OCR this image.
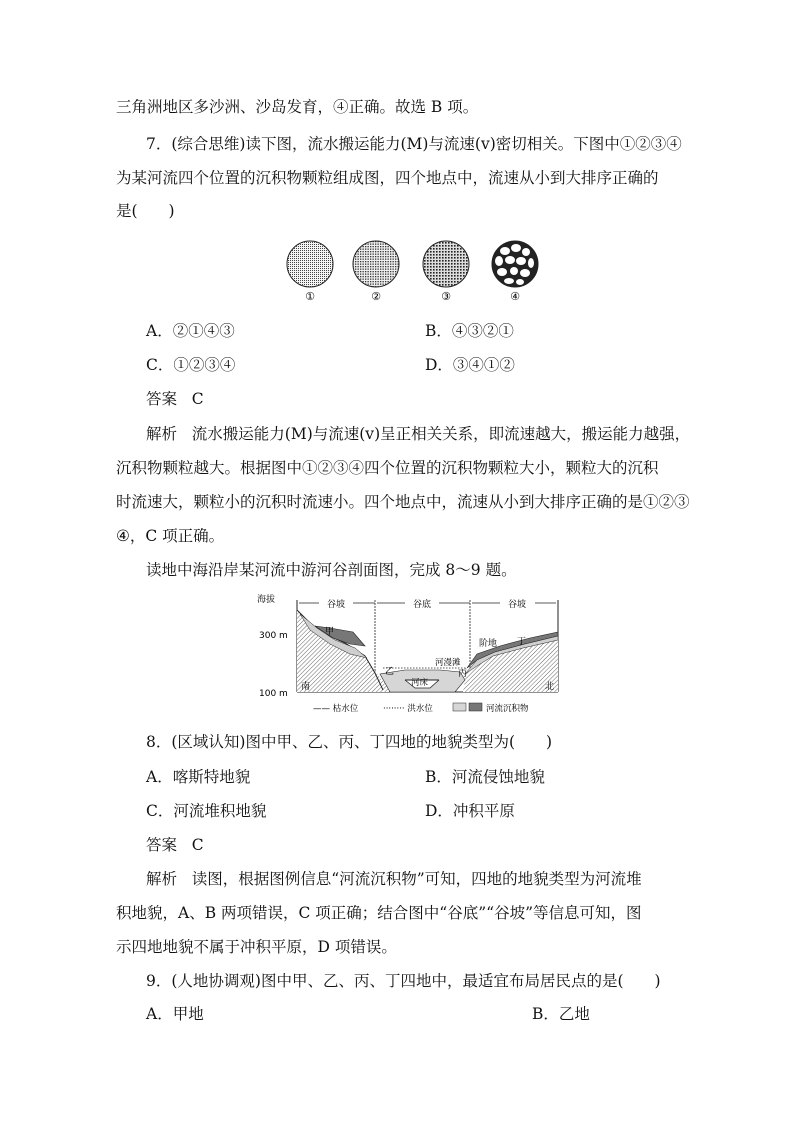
三角洲地区多沙洲、沙岛发育，④正确。故选 B 项。
7．(综合思维)读下图，流水搬运能力(M)与流速(v)密切相关。下图中①②③④
为某河流四个位置的沉积物颗粒组成图，四个地点中，流速从小到大排序正确的
是(　　)
①	②	③	④
A．②①④③	B．④③②①
C．①②③④	D．③④①②
答案 C
解析 流水搬运能力(M)与流速(v)呈正相关关系，即流速越大，搬运能力越强，
沉积物颗粒越大。根据图中①②③④四个位置的沉积物颗粒大小，颗粒大的沉积
时流速大，颗粒小的沉积时流速小。四个地点中，流速从小到大排序正确的是①②③
④，C 项正确。
读地中海沿岸某河流中游河谷剖面图，完成 8～9 题。
海拔
300 m
100 m
谷坡	谷底	谷坡
甲
乙	丙
丁
阶地
河漫滩
河床
南	北
—— 枯水位	········ 洪水位	河流沉积物
8．(区域认知)图中甲、乙、丙、丁四地的地貌类型为(　　)
A．喀斯特地貌	B．河流侵蚀地貌
C．河流堆积地貌	D．冲积平原
答案 C
解析 读图，根据图例信息“河流沉积物”可知，四地的地貌类型为河流堆
积地貌，A、B 两项错误，C 项正确；结合图中“谷底”“谷坡”等信息可知，图
示四地地貌不属于冲积平原，D 项错误。
9．(人地协调观)图中甲、乙、丙、丁四地中，最适宜布局居民点的是(　　)
A．甲地	B．乙地
